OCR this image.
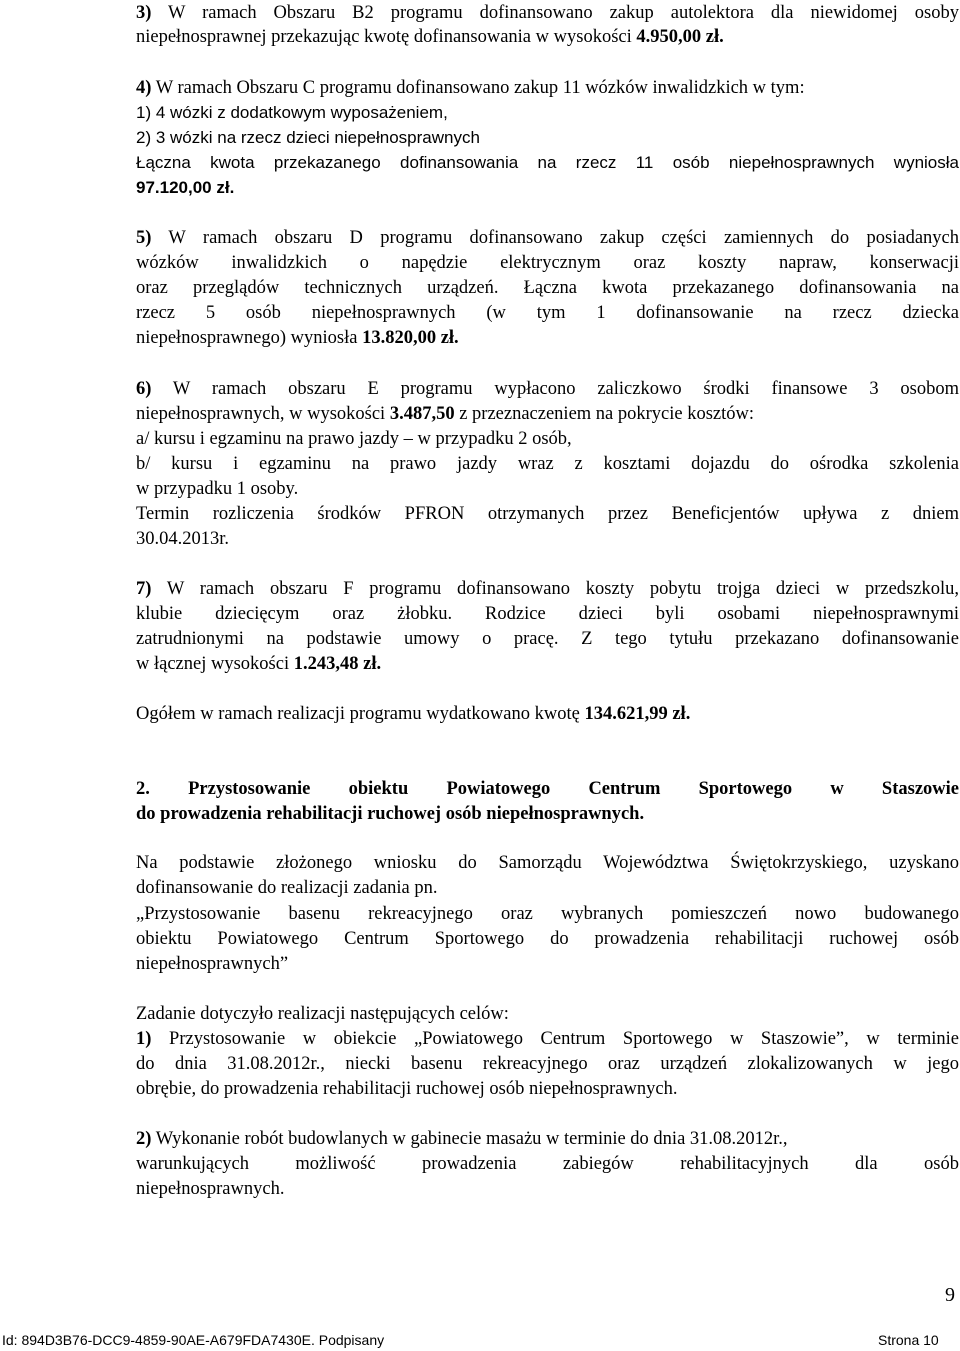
3) W ramach Obszaru B2 programu dofinansowano zakup autolektora dla niewidomej osoby
niepełnosprawnej przekazując kwotę dofinansowania w wysokości 4.950,00 zł.
4) W ramach Obszaru C programu dofinansowano zakup 11 wózków inwalidzkich w tym:
1) 4 wózki z dodatkowym wyposażeniem,
2) 3 wózki na rzecz dzieci niepełnosprawnych
Łączna kwota przekazanego dofinansowania na rzecz 11 osób niepełnosprawnych wyniosła
97.120,00 zł.
5) W ramach obszaru D programu dofinansowano zakup części zamiennych do posiadanych
wózków inwalidzkich o napędzie elektrycznym oraz koszty napraw, konserwacji
oraz przeglądów technicznych urządzeń. Łączna kwota przekazanego dofinansowania na
rzecz 5 osób niepełnosprawnych (w tym 1 dofinansowanie na rzecz dziecka
niepełnosprawnego) wyniosła 13.820,00 zł.
6) W ramach obszaru E programu wypłacono zaliczkowo środki finansowe 3 osobom
niepełnosprawnych, w wysokości 3.487,50 z przeznaczeniem na pokrycie kosztów:
a/ kursu i egzaminu na prawo jazdy – w przypadku 2 osób,
b/ kursu i egzaminu na prawo jazdy wraz z kosztami dojazdu do ośrodka szkolenia
w przypadku 1 osoby.
Termin rozliczenia środków PFRON otrzymanych przez Beneficjentów upływa z dniem
30.04.2013r.
7) W ramach obszaru F programu dofinansowano koszty pobytu trojga dzieci w przedszkolu,
klubie dziecięcym oraz żłobku. Rodzice dzieci byli osobami niepełnosprawnymi
zatrudnionymi na podstawie umowy o pracę. Z tego tytułu przekazano dofinansowanie
w łącznej wysokości 1.243,48 zł.
Ogółem w ramach realizacji programu wydatkowano kwotę 134.621,99 zł.
2. Przystosowanie obiektu Powiatowego Centrum Sportowego w Staszowie
do prowadzenia rehabilitacji ruchowej osób niepełnosprawnych.
Na podstawie złożonego wniosku do Samorządu Województwa Świętokrzyskiego, uzyskano
dofinansowanie do realizacji zadania pn.
„Przystosowanie basenu rekreacyjnego oraz wybranych pomieszczeń nowo budowanego
obiektu Powiatowego Centrum Sportowego do prowadzenia rehabilitacji ruchowej osób
niepełnosprawnych”
Zadanie dotyczyło realizacji następujących celów:
1) Przystosowanie w obiekcie „Powiatowego Centrum Sportowego w Staszowie”, w terminie
do dnia 31.08.2012r., niecki basenu rekreacyjnego oraz urządzeń zlokalizowanych w jego
obrębie, do prowadzenia rehabilitacji ruchowej osób niepełnosprawnych.
2) Wykonanie robót budowlanych w gabinecie masażu w terminie do dnia 31.08.2012r.,
warunkujących możliwość prowadzenia zabiegów rehabilitacyjnych dla osób
niepełnosprawnych.
9
Id: 894D3B76-DCC9-4859-90AE-A679FDA7430E. Podpisany	Strona 10
